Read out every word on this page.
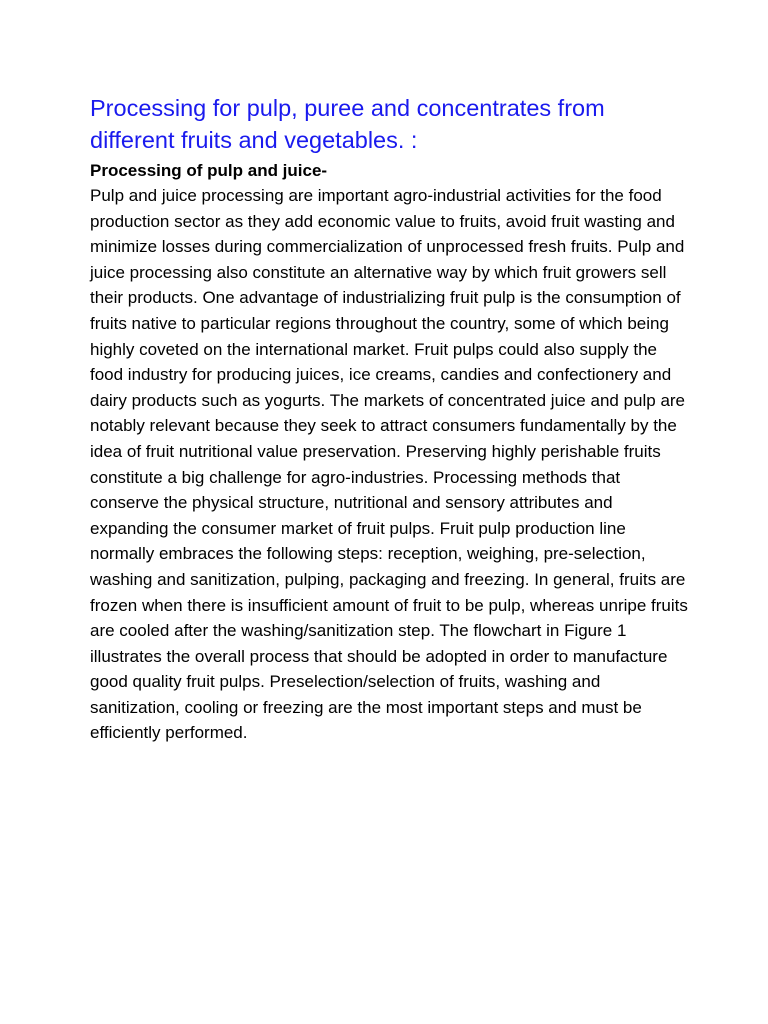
Processing for pulp, puree and concentrates from different fruits and vegetables. :
Processing of pulp and juice-

Pulp and juice processing are important agro-industrial activities for the food production sector as they add economic value to fruits, avoid fruit wasting and minimize losses during commercialization of unprocessed fresh fruits. Pulp and juice processing also constitute an alternative way by which fruit growers sell their products. One advantage of industrializing fruit pulp is the consumption of fruits native to particular regions throughout the country, some of which being highly coveted on the international market. Fruit pulps could also supply the food industry for producing juices, ice creams, candies and confectionery and dairy products such as yogurts. The markets of concentrated juice and pulp are notably relevant because they seek to attract consumers fundamentally by the idea of fruit nutritional value preservation. Preserving highly perishable fruits constitute a big challenge for agro-industries. Processing methods that conserve the physical structure, nutritional and sensory attributes and expanding the consumer market of fruit pulps. Fruit pulp production line normally embraces the following steps: reception, weighing, pre-selection, washing and sanitization, pulping, packaging and freezing. In general, fruits are frozen when there is insufficient amount of fruit to be pulp, whereas unripe fruits are cooled after the washing/sanitization step. The flowchart in Figure 1 illustrates the overall process that should be adopted in order to manufacture good quality fruit pulps. Preselection/selection of fruits, washing and sanitization, cooling or freezing are the most important steps and must be efficiently performed.
